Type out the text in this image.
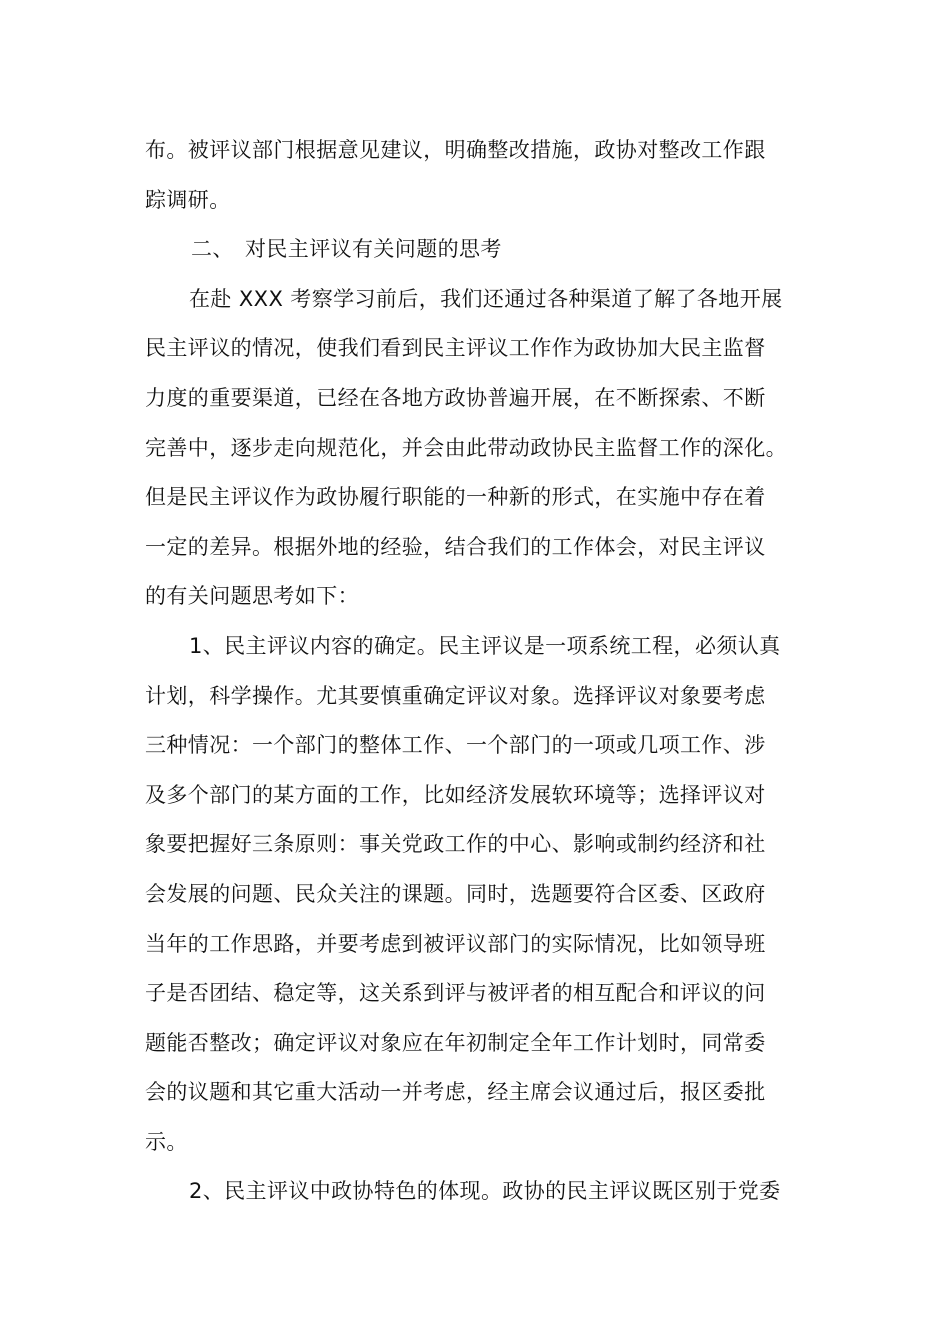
布。被评议部门根据意见建议，明确整改措施，政协对整改工作跟
踪调研。
二、 对民主评议有关问题的思考
在赴 XXX 考察学习前后，我们还通过各种渠道了解了各地开展
民主评议的情况，使我们看到民主评议工作作为政协加大民主监督
力度的重要渠道，已经在各地方政协普遍开展，在不断探索、不断
完善中，逐步走向规范化，并会由此带动政协民主监督工作的深化。
但是民主评议作为政协履行职能的一种新的形式，在实施中存在着
一定的差异。根据外地的经验，结合我们的工作体会，对民主评议
的有关问题思考如下：
1、民主评议内容的确定。民主评议是一项系统工程，必须认真
计划，科学操作。尤其要慎重确定评议对象。选择评议对象要考虑
三种情况：一个部门的整体工作、一个部门的一项或几项工作、涉
及多个部门的某方面的工作，比如经济发展软环境等；选择评议对
象要把握好三条原则：事关党政工作的中心、影响或制约经济和社
会发展的问题、民众关注的课题。同时，选题要符合区委、区政府
当年的工作思路，并要考虑到被评议部门的实际情况，比如领导班
子是否团结、稳定等，这关系到评与被评者的相互配合和评议的问
题能否整改；确定评议对象应在年初制定全年工作计划时，同常委
会的议题和其它重大活动一并考虑，经主席会议通过后，报区委批
示。
2、民主评议中政协特色的体现。政协的民主评议既区别于党委
